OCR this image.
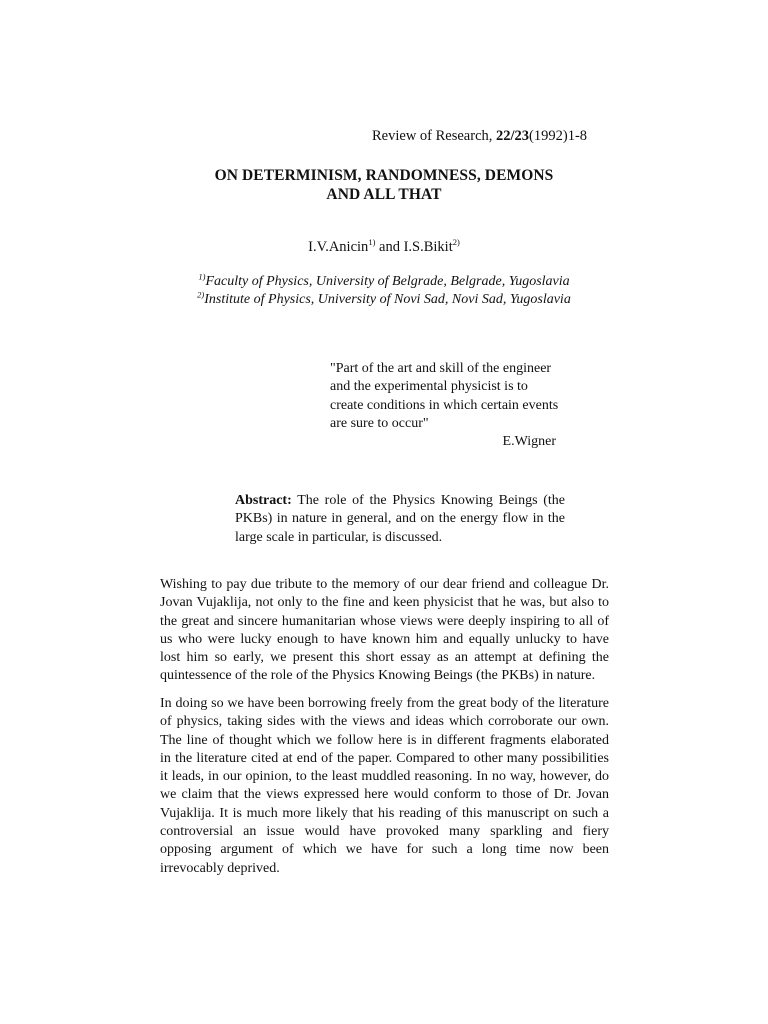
Review of Research, 22/23(1992)1-8
ON DETERMINISM, RANDOMNESS, DEMONS
AND ALL THAT
I.V.Anicin$^{1)}$ and I.S.Bikit$^{2)}$
$^{1)}$Faculty of Physics, University of Belgrade, Belgrade, Yugoslavia
$^{2)}$Institute of Physics, University of Novi Sad, Novi Sad, Yugoslavia
"Part of the art and skill of the engineer
and the experimental physicist is to
create conditions in which certain events
are sure to occur"
E.Wigner
Abstract: The role of the Physics Knowing Beings (the PKBs) in nature in general, and on the energy flow in the large scale in particular, is discussed.
Wishing to pay due tribute to the memory of our dear friend and colleague Dr.
Jovan Vujaklija, not only to the fine and keen physicist that he was, but also to
the great and sincere humanitarian whose views were deeply inspiring to all of
us who were lucky enough to have known him and equally unlucky to have
lost him so early, we present this short essay as an attempt at defining the
quintessence of the role of the Physics Knowing Beings (the PKBs) in nature.
In doing so we have been borrowing freely from the great body of the literature
of physics, taking sides with the views and ideas which corroborate our own.
The line of thought which we follow here is in different fragments elaborated
in the literature cited at end of the paper. Compared to other many possibilities
it leads, in our opinion, to the least muddled reasoning. In no way, however, do
we claim that the views expressed here would conform to those of Dr. Jovan
Vujaklija. It is much more likely that his reading of this manuscript on such a
controversial an issue would have provoked many sparkling and fiery
opposing argument of which we have for such a long time now been
irrevocably deprived.
